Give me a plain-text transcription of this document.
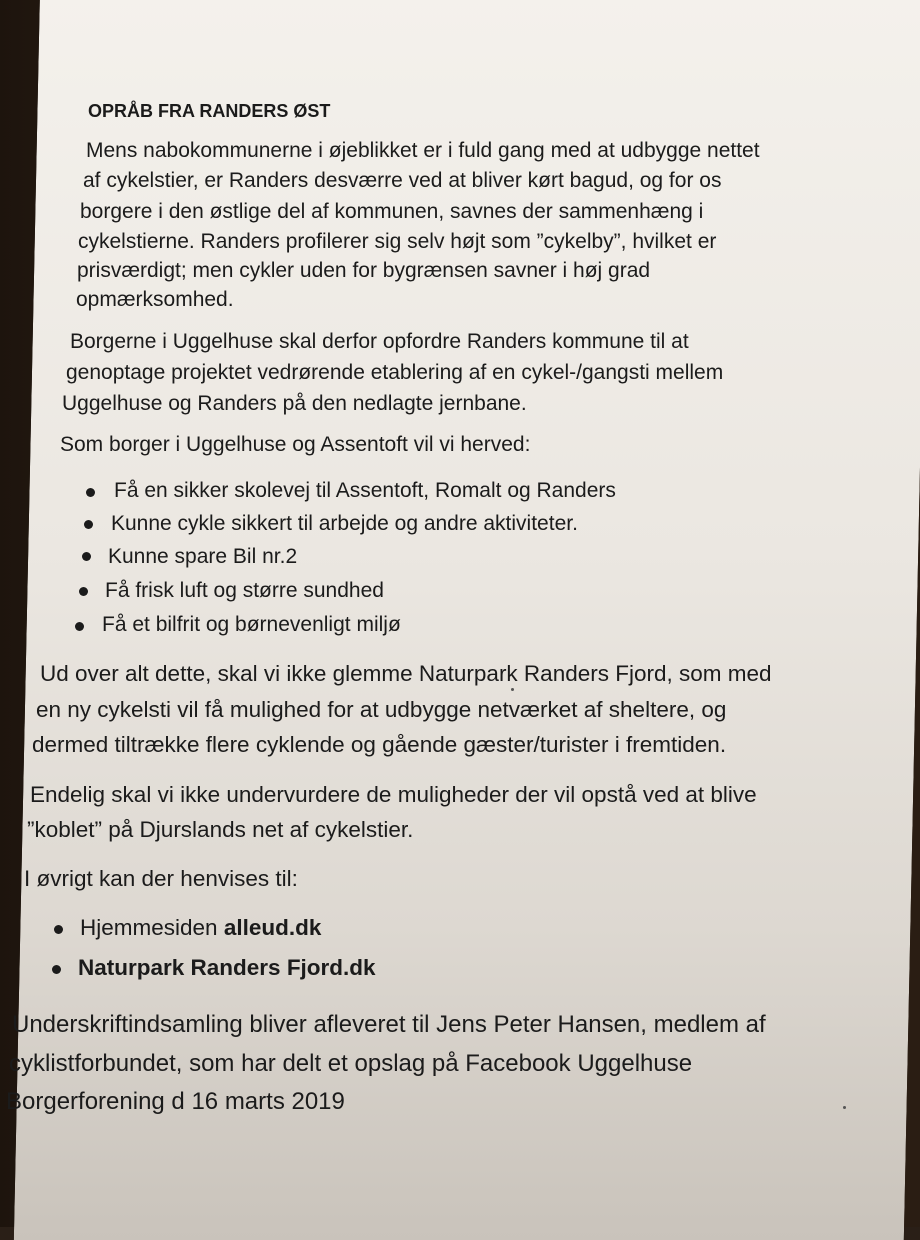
OPRÅB FRA RANDERS ØST
Mens nabokommunerne i øjeblikket er i fuld gang med at udbygge nettet
af cykelstier, er Randers desværre ved at bliver kørt bagud, og for os
borgere i den østlige del af kommunen, savnes der sammenhæng i
cykelstierne. Randers profilerer sig selv højt som ”cykelby”, hvilket er
prisværdigt; men cykler uden for bygrænsen savner i høj grad
opmærksomhed.
Borgerne i Uggelhuse skal derfor opfordre Randers kommune til at
genoptage projektet vedrørende etablering af en cykel-/gangsti mellem
Uggelhuse og Randers på den nedlagte jernbane.
Som borger i Uggelhuse og Assentoft vil vi herved:
Få en sikker skolevej til Assentoft, Romalt og Randers
Kunne cykle sikkert til arbejde og andre aktiviteter.
Kunne spare Bil nr.2
Få frisk luft og større sundhed
Få et bilfrit og børnevenligt miljø
Ud over alt dette, skal vi ikke glemme Naturpark Randers Fjord, som med
en ny cykelsti vil få mulighed for at udbygge netværket af sheltere, og
dermed tiltrække flere cyklende og gående gæster/turister i fremtiden.
Endelig skal vi ikke undervurdere de muligheder der vil opstå ved at blive
”koblet” på Djurslands net af cykelstier.
I øvrigt kan der henvises til:
Hjemmesiden alleud.dk
Naturpark Randers Fjord.dk
Underskriftindsamling bliver afleveret til Jens Peter Hansen, medlem af
cyklistforbundet, som har delt et opslag på Facebook Uggelhuse
Borgerforening d 16 marts 2019
